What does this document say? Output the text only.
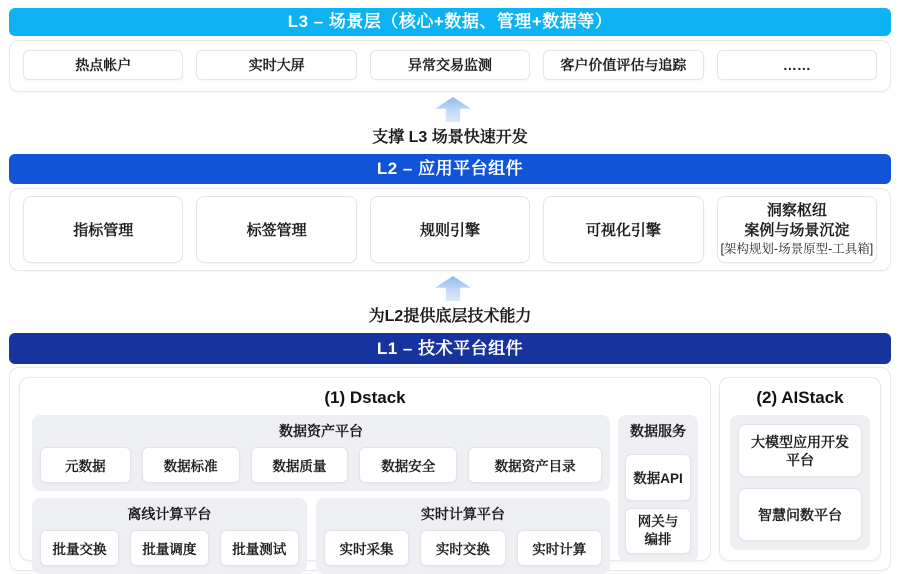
L3 – 场景层（核心+数据、管理+数据等）
热点帐户	实时大屏	异常交易监测	客户价值评估与追踪	……
支撑 L3 场景快速开发
L2 – 应用平台组件
指标管理	标签管理	规则引擎	可视化引擎
洞察枢纽
案例与场景沉淀
[架构规划-场景原型-工具箱]
为L2提供底层技术能力
L1 – 技术平台组件
(1) Dstack
数据资产平台
元数据	数据标准	数据质量	数据安全	数据资产目录
离线计算平台
批量交换	批量调度	批量测试
实时计算平台
实时采集	实时交换	实时计算
数据服务
数据API
网关与
编排
(2) AIStack
大模型应用开发
平台
智慧问数平台
